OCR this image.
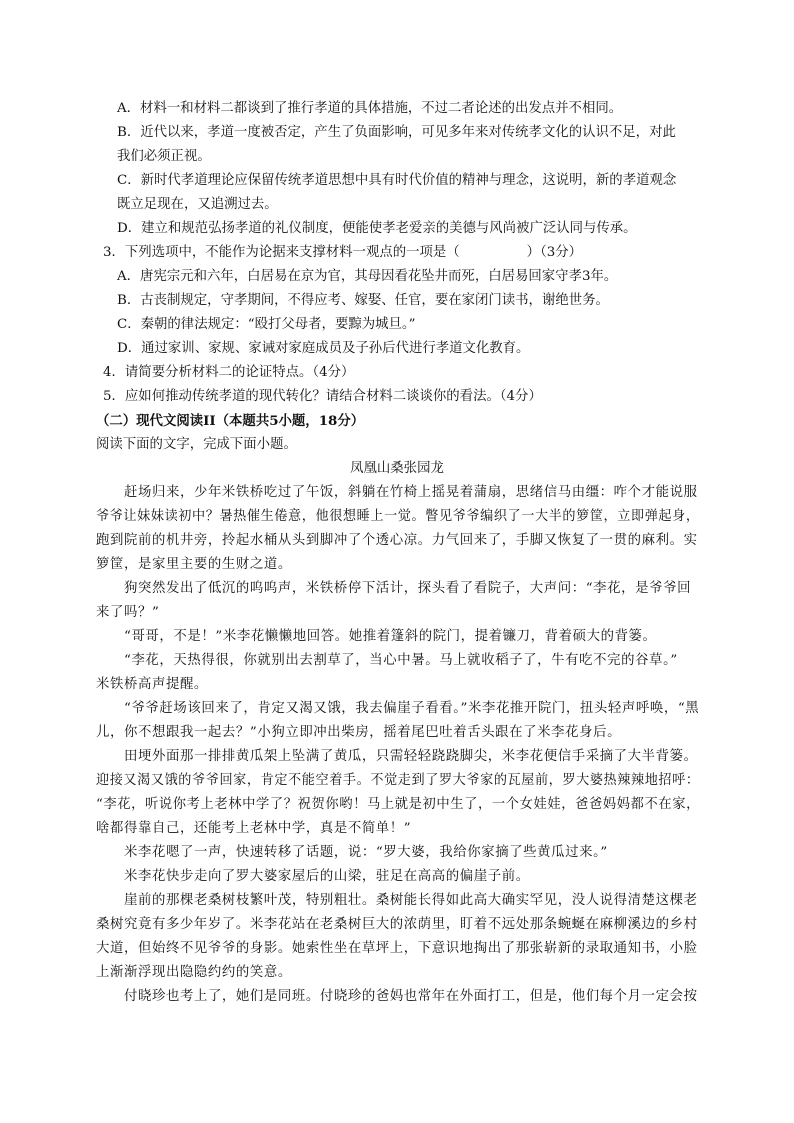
A．材料一和材料二都谈到了推行孝道的具体措施，不过二者论述的出发点并不相同。
B．近代以来，孝道一度被否定，产生了负面影响，可见多年来对传统孝文化的认识不足，对此
我们必须正视。
C．新时代孝道理论应保留传统孝道思想中具有时代价值的精神与理念，这说明，新的孝道观念
既立足现在，又追溯过去。
D．建立和规范弘扬孝道的礼仪制度，便能使孝老爱亲的美德与风尚被广泛认同与传承。
3．下列选项中，不能作为论据来支撑材料一观点的一项是（　　　　　）（3分）
A．唐宪宗元和六年，白居易在京为官，其母因看花坠井而死，白居易回家守孝3年。
B．古丧制规定，守孝期间，不得应考、嫁娶、任官，要在家闭门读书，谢绝世务。
C．秦朝的律法规定：“殴打父母者，要黥为城旦。”
D．通过家训、家规、家诫对家庭成员及子孙后代进行孝道文化教育。
4．请简要分析材料二的论证特点。（4分）
5．应如何推动传统孝道的现代转化？请结合材料二谈谈你的看法。（4分）
（二）现代文阅读II（本题共5小题，18分）
阅读下面的文字，完成下面小题。
凤凰山桑张园龙
赶场归来，少年米铁桥吃过了午饭，斜躺在竹椅上摇晃着蒲扇，思绪信马由缰：咋个才能说服
爷爷让妹妹读初中？暑热催生倦意，他很想睡上一觉。瞥见爷爷编织了一大半的箩筐，立即弹起身，
跑到院前的机井旁，拎起水桶从头到脚冲了个透心凉。力气回来了，手脚又恢复了一贯的麻利。实
箩筐，是家里主要的生财之道。
狗突然发出了低沉的呜呜声，米铁桥停下活计，探头看了看院子，大声问：“李花，是爷爷回
来了吗？”
“哥哥，不是！”米李花懒懒地回答。她推着篷斜的院门，提着镰刀，背着硕大的背篓。
“李花，天热得很，你就别出去割草了，当心中暑。马上就收稻子了，牛有吃不完的谷草。”
米铁桥高声提醒。
“爷爷赶场该回来了，肯定又渴又饿，我去偏崖子看看。”米李花推开院门，扭头轻声呼唤，“黑
儿，你不想跟我一起去？”小狗立即冲出柴房，摇着尾巴吐着舌头跟在了米李花身后。
田埂外面那一排排黄瓜架上坠满了黄瓜，只需轻轻跷跷脚尖，米李花便信手采摘了大半背篓。
迎接又渴又饿的爷爷回家，肯定不能空着手。不觉走到了罗大爷家的瓦屋前，罗大婆热辣辣地招呼：
“李花，听说你考上老林中学了？祝贺你哟！马上就是初中生了，一个女娃娃，爸爸妈妈都不在家，
啥都得靠自己，还能考上老林中学，真是不简单！”
米李花嗯了一声，快速转移了话题，说：“罗大婆，我给你家摘了些黄瓜过来。”
米李花快步走向了罗大婆家屋后的山梁，驻足在高高的偏崖子前。
崖前的那棵老桑树枝繁叶茂，特别粗壮。桑树能长得如此高大确实罕见，没人说得清楚这棵老
桑树究竟有多少年岁了。米李花站在老桑树巨大的浓荫里，盯着不远处那条蜿蜒在麻柳溪边的乡村
大道，但始终不见爷爷的身影。她索性坐在草坪上，下意识地掏出了那张崭新的录取通知书，小脸
上渐渐浮现出隐隐约约的笑意。
付晓珍也考上了，她们是同班。付晓珍的爸妈也常年在外面打工，但是，他们每个月一定会按
